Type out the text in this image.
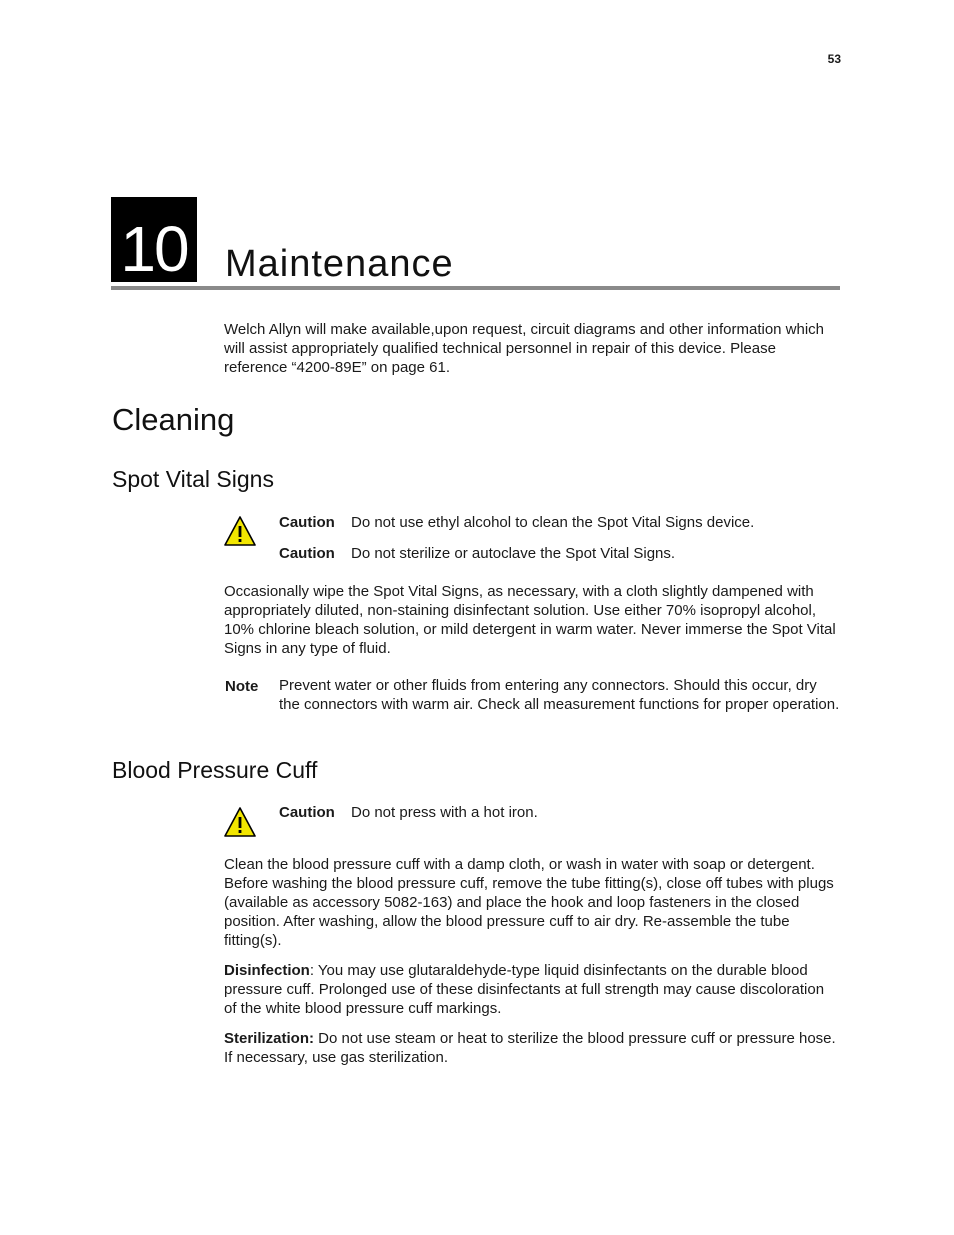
53
10 Maintenance

Welch Allyn will make available,upon request, circuit diagrams and other information which will assist appropriately qualified technical personnel in repair of this device. Please reference “4200-89E” on page 61.

Cleaning
Spot Vital Signs
Caution Do not use ethyl alcohol to clean the Spot Vital Signs device.
Caution Do not sterilize or autoclave the Spot Vital Signs.

Occasionally wipe the Spot Vital Signs, as necessary, with a cloth slightly dampened with appropriately diluted, non-staining disinfectant solution. Use either 70% isopropyl alcohol, 10% chlorine bleach solution, or mild detergent in warm water. Never immerse the Spot Vital Signs in any type of fluid.

Note Prevent water or other fluids from entering any connectors. Should this occur, dry the connectors with warm air. Check all measurement functions for proper operation.

Blood Pressure Cuff
Caution Do not press with a hot iron.

Clean the blood pressure cuff with a damp cloth, or wash in water with soap or detergent. Before washing the blood pressure cuff, remove the tube fitting(s), close off tubes with plugs (available as accessory 5082-163) and place the hook and loop fasteners in the closed position. After washing, allow the blood pressure cuff to air dry. Re-assemble the tube fitting(s).

Disinfection: You may use glutaraldehyde-type liquid disinfectants on the durable blood pressure cuff. Prolonged use of these disinfectants at full strength may cause discoloration of the white blood pressure cuff markings.

Sterilization: Do not use steam or heat to sterilize the blood pressure cuff or pressure hose. If necessary, use gas sterilization.
